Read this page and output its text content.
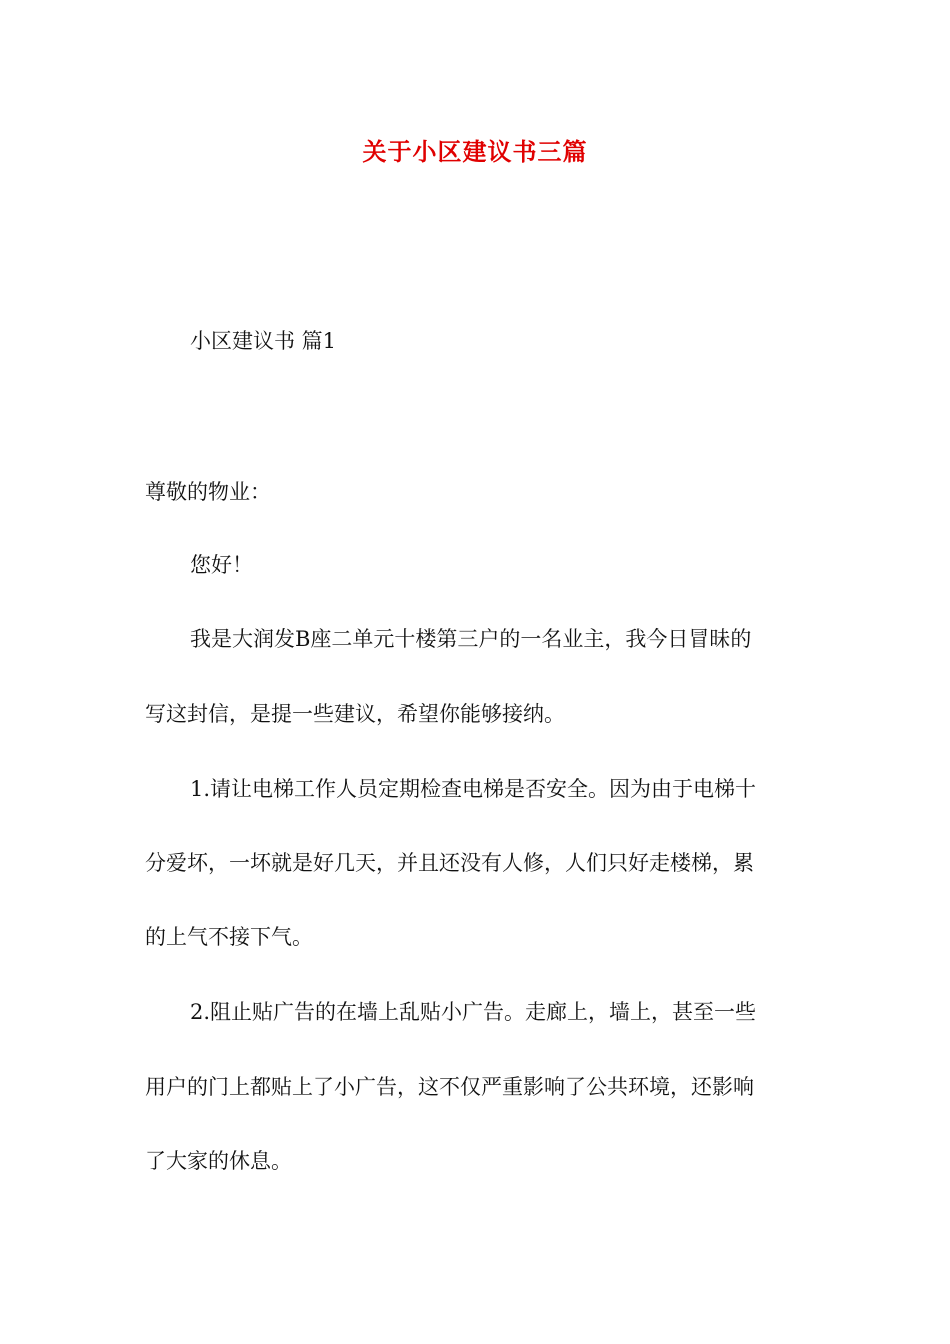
关于小区建议书三篇
小区建议书 篇1
尊敬的物业：
您好！
我是大润发B座二单元十楼第三户的一名业主，我今日冒昧的
写这封信，是提一些建议，希望你能够接纳。
1.请让电梯工作人员定期检查电梯是否安全。因为由于电梯十
分爱坏，一坏就是好几天，并且还没有人修，人们只好走楼梯，累
的上气不接下气。
2.阻止贴广告的在墙上乱贴小广告。走廊上，墙上，甚至一些
用户的门上都贴上了小广告，这不仅严重影响了公共环境，还影响
了大家的休息。
